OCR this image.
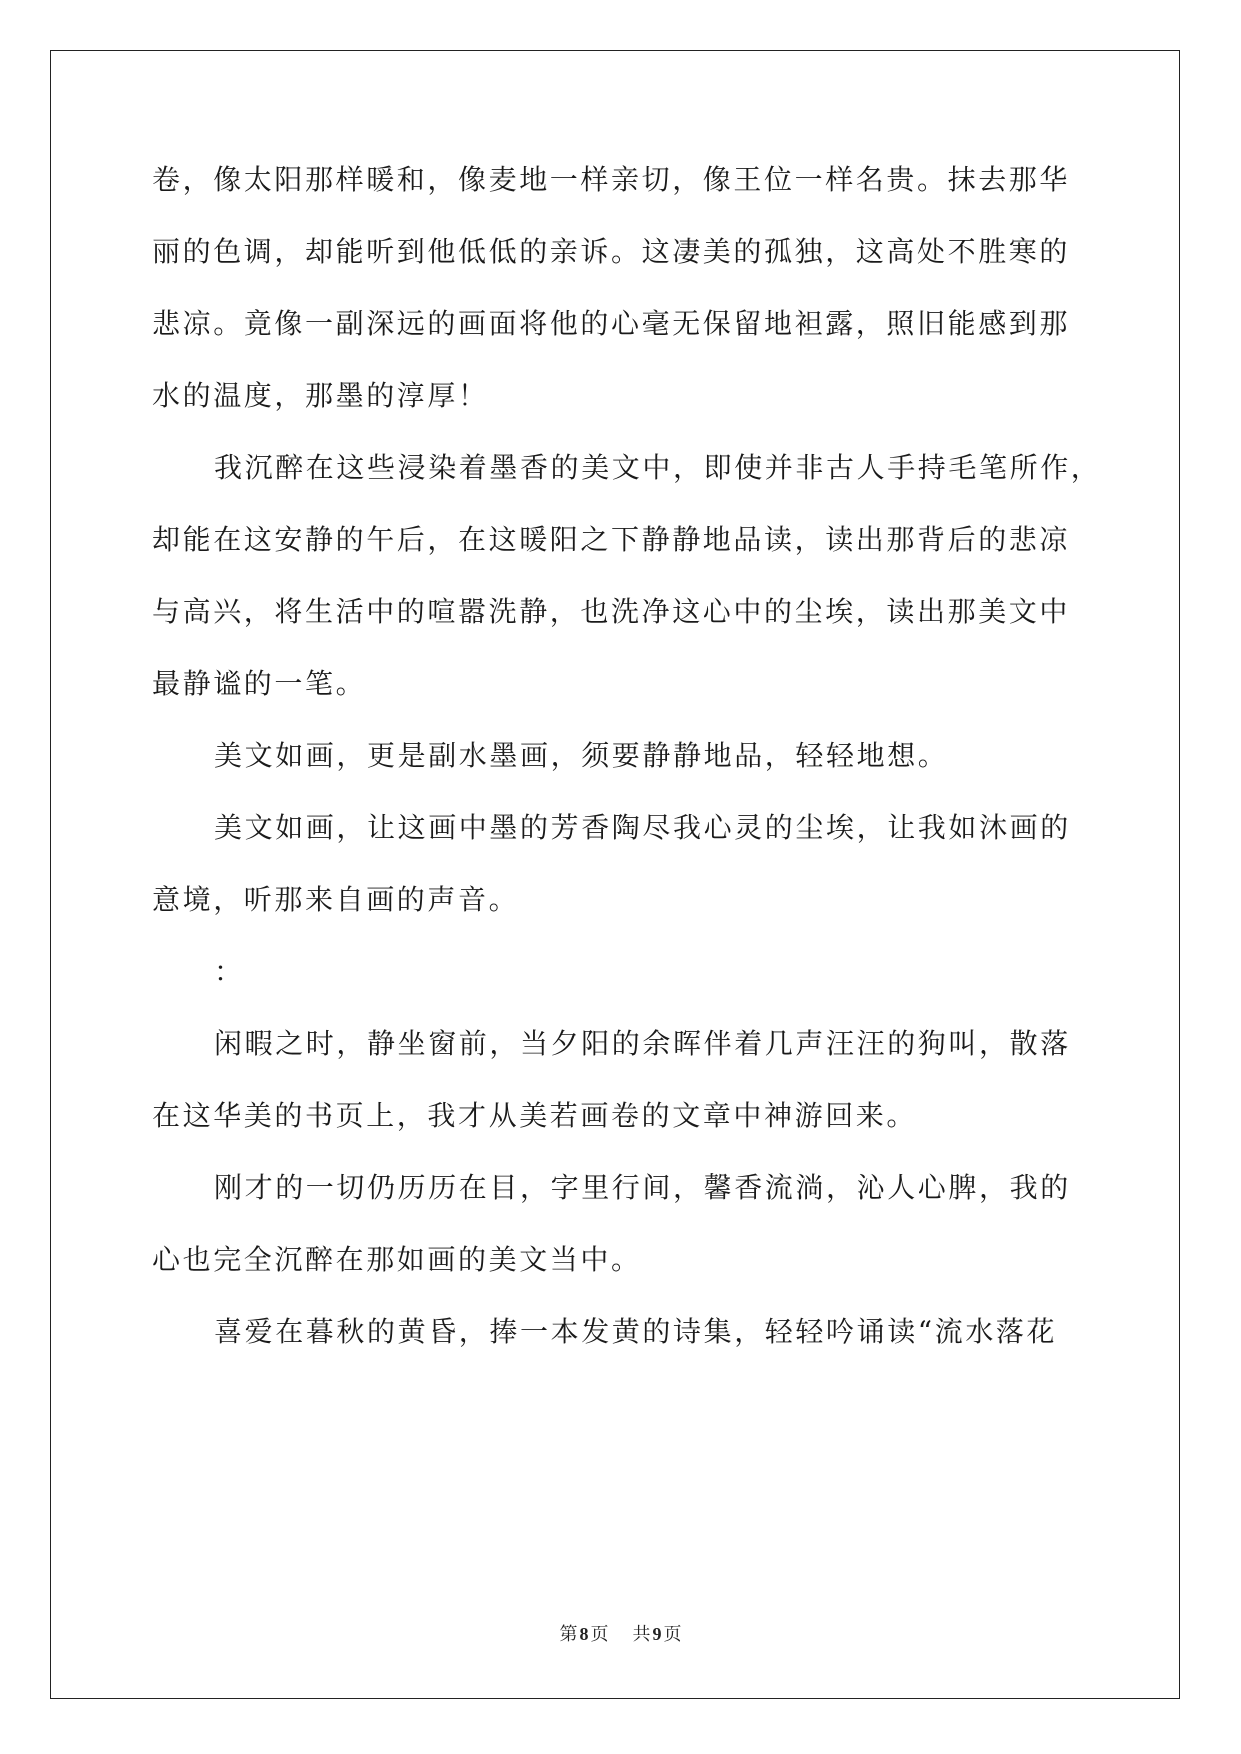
卷，像太阳那样暖和，像麦地一样亲切，像王位一样名贵。抹去那华
丽的色调，却能听到他低低的亲诉。这凄美的孤独，这高处不胜寒的
悲凉。竟像一副深远的画面将他的心毫无保留地袒露，照旧能感到那
水的温度，那墨的淳厚！
我沉醉在这些浸染着墨香的美文中，即使并非古人手持毛笔所作，
却能在这安静的午后，在这暖阳之下静静地品读，读出那背后的悲凉
与高兴，将生活中的喧嚣洗静，也洗净这心中的尘埃，读出那美文中
最静谧的一笔。
美文如画，更是副水墨画，须要静静地品，轻轻地想。
美文如画，让这画中墨的芳香陶尽我心灵的尘埃，让我如沐画的
意境，听那来自画的声音。
：
闲暇之时，静坐窗前，当夕阳的余晖伴着几声汪汪的狗叫，散落
在这华美的书页上，我才从美若画卷的文章中神游回来。
刚才的一切仍历历在目，字里行间，馨香流淌，沁人心脾，我的
心也完全沉醉在那如画的美文当中。
喜爱在暮秋的黄昏，捧一本发黄的诗集，轻轻吟诵读“流水落花
第 8 页 共 9 页
